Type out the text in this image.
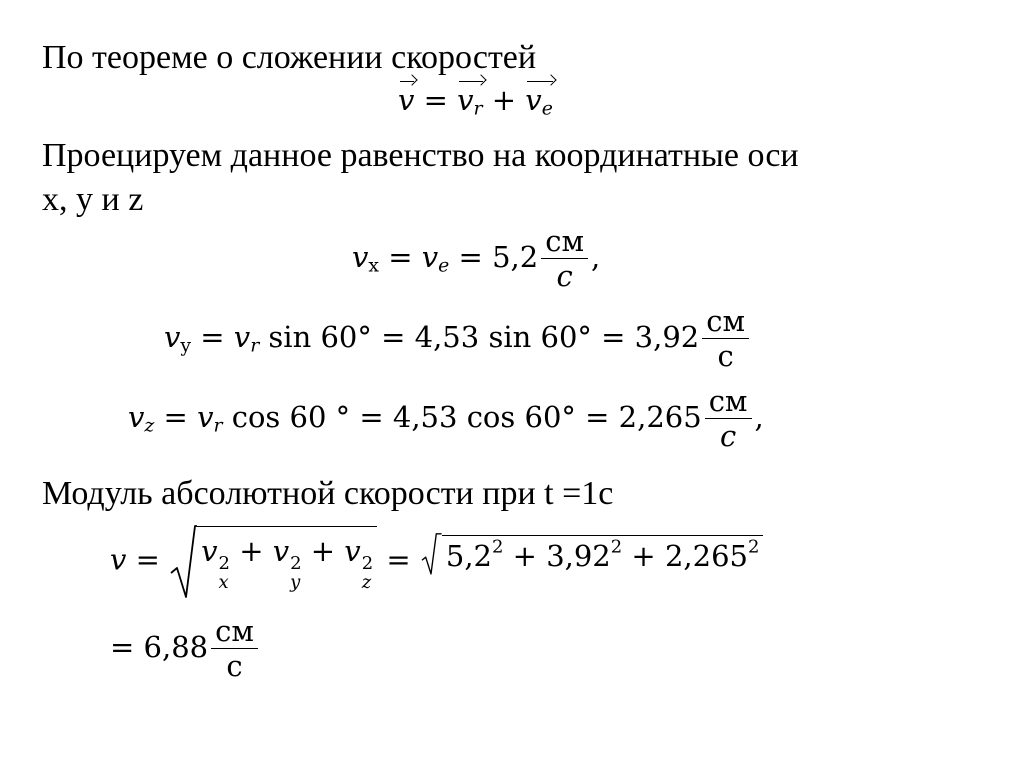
По теореме о сложении скоростей

$v = v_r + v_e$

Проецируем данное равенство на координатные оси

x, y и z

$v_x = v_e = 5,2 \frac{см}{c}$ ,
$v_y = v_r$ sin 60° = 4,53 $\sin 60^\circ = 3,92 \frac{см}{с}$
$v_z = v_r$ cos 60 ° = 4,53 $\cos 60^\circ = 2,265 \frac{см}{c}$ ,

Модуль абсолютной скорости при t =1c

v = v 2
x
+ v 2
y
+ v 2
z
= $5,2^2 + 3,92^2 + 2,265^2$
= $6,88 \frac{см}{с}$
